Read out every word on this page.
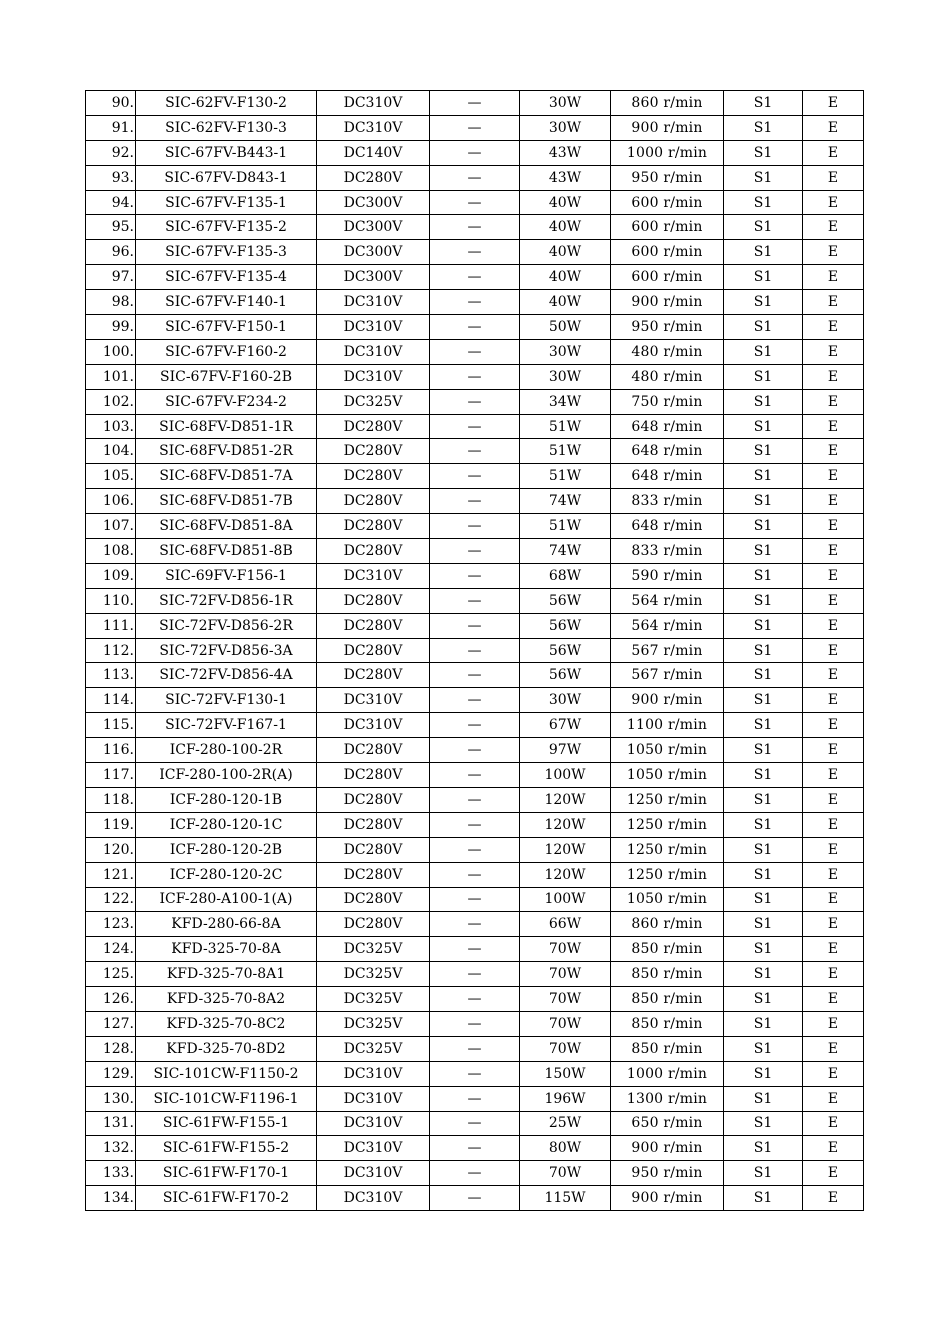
90.	SIC-62FV-F130-2	DC310V	—	30W	860 r/min	S1	E
91.	SIC-62FV-F130-3	DC310V	—	30W	900 r/min	S1	E
92.	SIC-67FV-B443-1	DC140V	—	43W	1000 r/min	S1	E
93.	SIC-67FV-D843-1	DC280V	—	43W	950 r/min	S1	E
94.	SIC-67FV-F135-1	DC300V	—	40W	600 r/min	S1	E
95.	SIC-67FV-F135-2	DC300V	—	40W	600 r/min	S1	E
96.	SIC-67FV-F135-3	DC300V	—	40W	600 r/min	S1	E
97.	SIC-67FV-F135-4	DC300V	—	40W	600 r/min	S1	E
98.	SIC-67FV-F140-1	DC310V	—	40W	900 r/min	S1	E
99.	SIC-67FV-F150-1	DC310V	—	50W	950 r/min	S1	E
100.	SIC-67FV-F160-2	DC310V	—	30W	480 r/min	S1	E
101.	SIC-67FV-F160-2B	DC310V	—	30W	480 r/min	S1	E
102.	SIC-67FV-F234-2	DC325V	—	34W	750 r/min	S1	E
103.	SIC-68FV-D851-1R	DC280V	—	51W	648 r/min	S1	E
104.	SIC-68FV-D851-2R	DC280V	—	51W	648 r/min	S1	E
105.	SIC-68FV-D851-7A	DC280V	—	51W	648 r/min	S1	E
106.	SIC-68FV-D851-7B	DC280V	—	74W	833 r/min	S1	E
107.	SIC-68FV-D851-8A	DC280V	—	51W	648 r/min	S1	E
108.	SIC-68FV-D851-8B	DC280V	—	74W	833 r/min	S1	E
109.	SIC-69FV-F156-1	DC310V	—	68W	590 r/min	S1	E
110.	SIC-72FV-D856-1R	DC280V	—	56W	564 r/min	S1	E
111.	SIC-72FV-D856-2R	DC280V	—	56W	564 r/min	S1	E
112.	SIC-72FV-D856-3A	DC280V	—	56W	567 r/min	S1	E
113.	SIC-72FV-D856-4A	DC280V	—	56W	567 r/min	S1	E
114.	SIC-72FV-F130-1	DC310V	—	30W	900 r/min	S1	E
115.	SIC-72FV-F167-1	DC310V	—	67W	1100 r/min	S1	E
116.	ICF-280-100-2R	DC280V	—	97W	1050 r/min	S1	E
117.	ICF-280-100-2R(A)	DC280V	—	100W	1050 r/min	S1	E
118.	ICF-280-120-1B	DC280V	—	120W	1250 r/min	S1	E
119.	ICF-280-120-1C	DC280V	—	120W	1250 r/min	S1	E
120.	ICF-280-120-2B	DC280V	—	120W	1250 r/min	S1	E
121.	ICF-280-120-2C	DC280V	—	120W	1250 r/min	S1	E
122.	ICF-280-A100-1(A)	DC280V	—	100W	1050 r/min	S1	E
123.	KFD-280-66-8A	DC280V	—	66W	860 r/min	S1	E
124.	KFD-325-70-8A	DC325V	—	70W	850 r/min	S1	E
125.	KFD-325-70-8A1	DC325V	—	70W	850 r/min	S1	E
126.	KFD-325-70-8A2	DC325V	—	70W	850 r/min	S1	E
127.	KFD-325-70-8C2	DC325V	—	70W	850 r/min	S1	E
128.	KFD-325-70-8D2	DC325V	—	70W	850 r/min	S1	E
129.	SIC-101CW-F1150-2	DC310V	—	150W	1000 r/min	S1	E
130.	SIC-101CW-F1196-1	DC310V	—	196W	1300 r/min	S1	E
131.	SIC-61FW-F155-1	DC310V	—	25W	650 r/min	S1	E
132.	SIC-61FW-F155-2	DC310V	—	80W	900 r/min	S1	E
133.	SIC-61FW-F170-1	DC310V	—	70W	950 r/min	S1	E
134.	SIC-61FW-F170-2	DC310V	—	115W	900 r/min	S1	E
